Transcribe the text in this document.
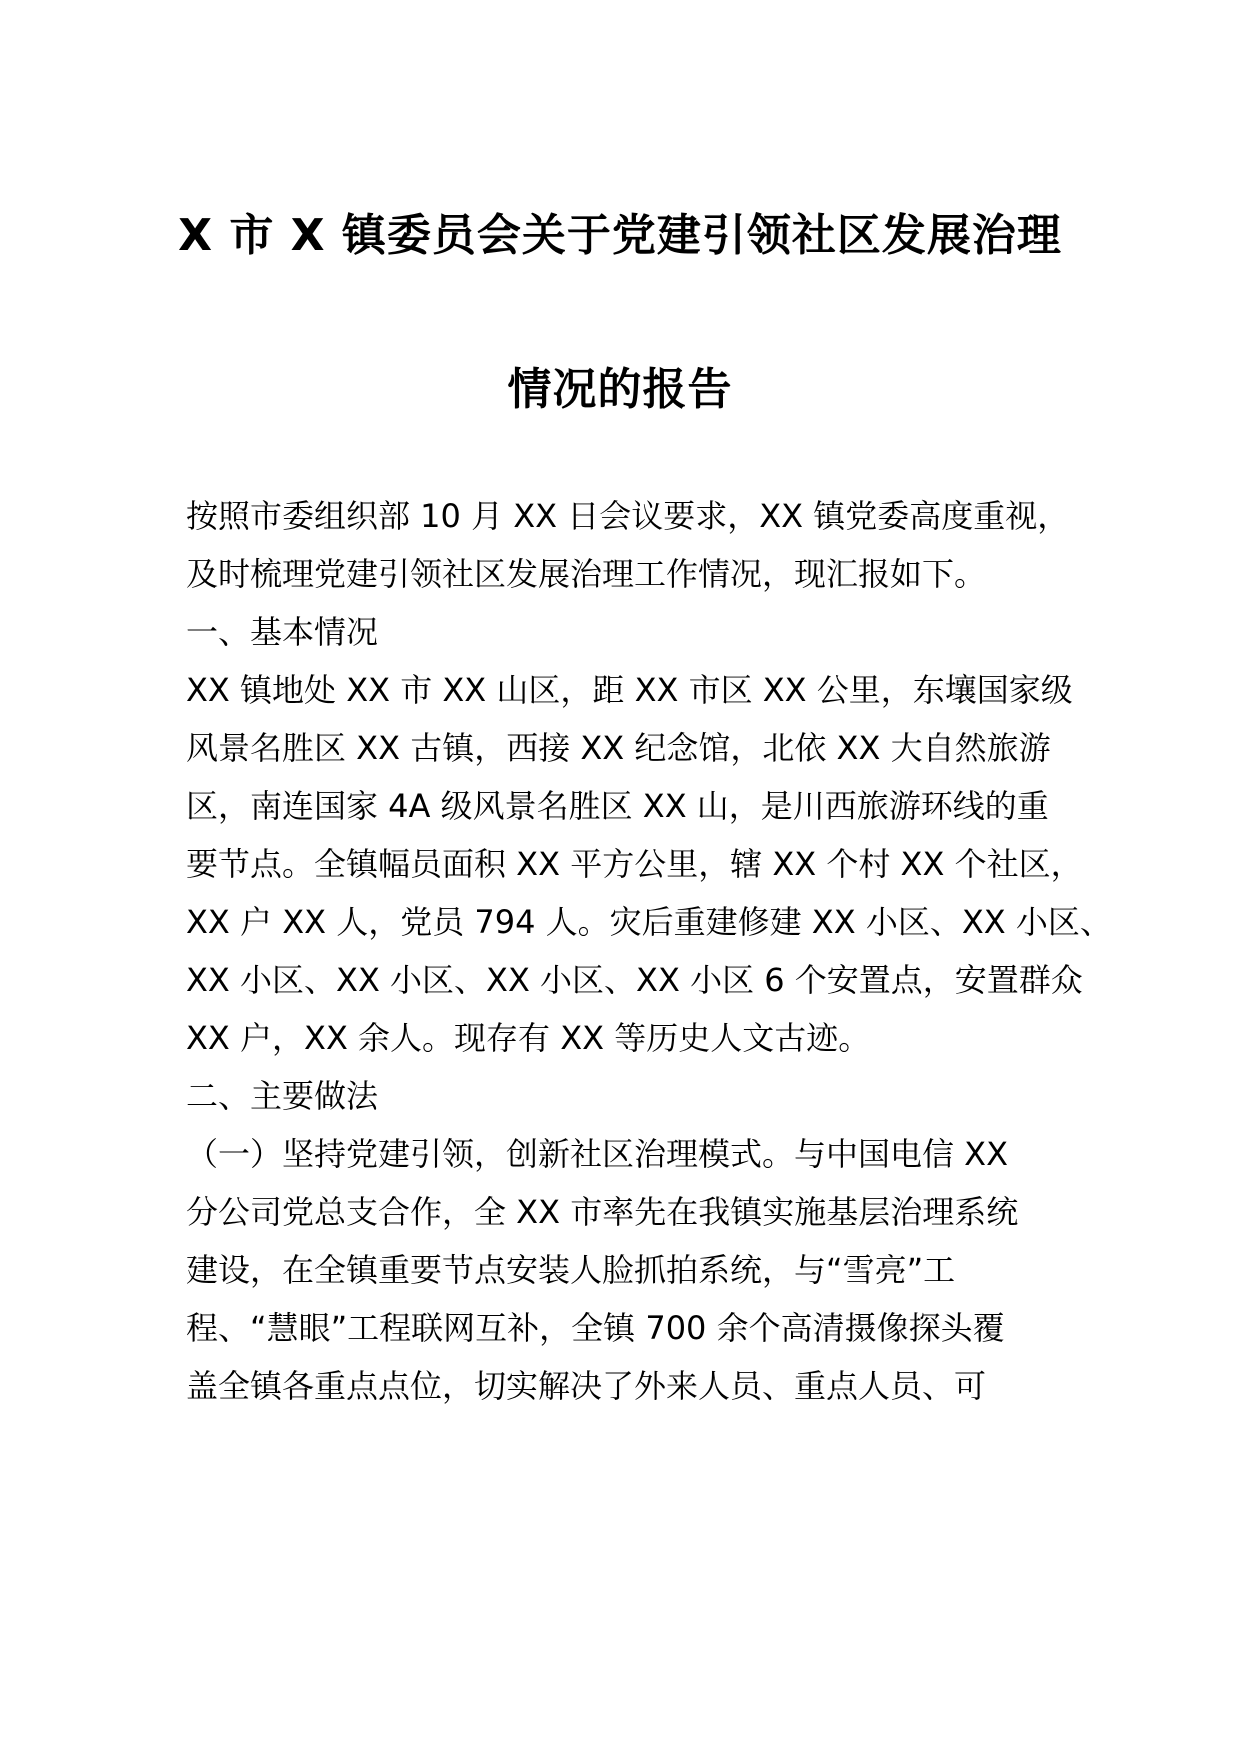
X 市 X 镇委员会关于党建引领社区发展治理
情况的报告
按照市委组织部 10 月 XX 日会议要求，XX 镇党委高度重视，
及时梳理党建引领社区发展治理工作情况，现汇报如下。
一、基本情况
XX 镇地处 XX 市 XX 山区，距 XX 市区 XX 公里，东壤国家级
风景名胜区 XX 古镇，西接 XX 纪念馆，北依 XX 大自然旅游
区，南连国家 4A 级风景名胜区 XX 山，是川西旅游环线的重
要节点。全镇幅员面积 XX 平方公里，辖 XX 个村 XX 个社区，
XX 户 XX 人，党员 794 人。灾后重建修建 XX 小区、XX 小区、
XX 小区、XX 小区、XX 小区、XX 小区 6 个安置点，安置群众
XX 户，XX 余人。现存有 XX 等历史人文古迹。
二、主要做法
（一）坚持党建引领，创新社区治理模式。与中国电信 XX
分公司党总支合作，全 XX 市率先在我镇实施基层治理系统
建设，在全镇重要节点安装人脸抓拍系统，与“雪亮”工
程、“慧眼”工程联网互补，全镇 700 余个高清摄像探头覆
盖全镇各重点点位，切实解决了外来人员、重点人员、可
